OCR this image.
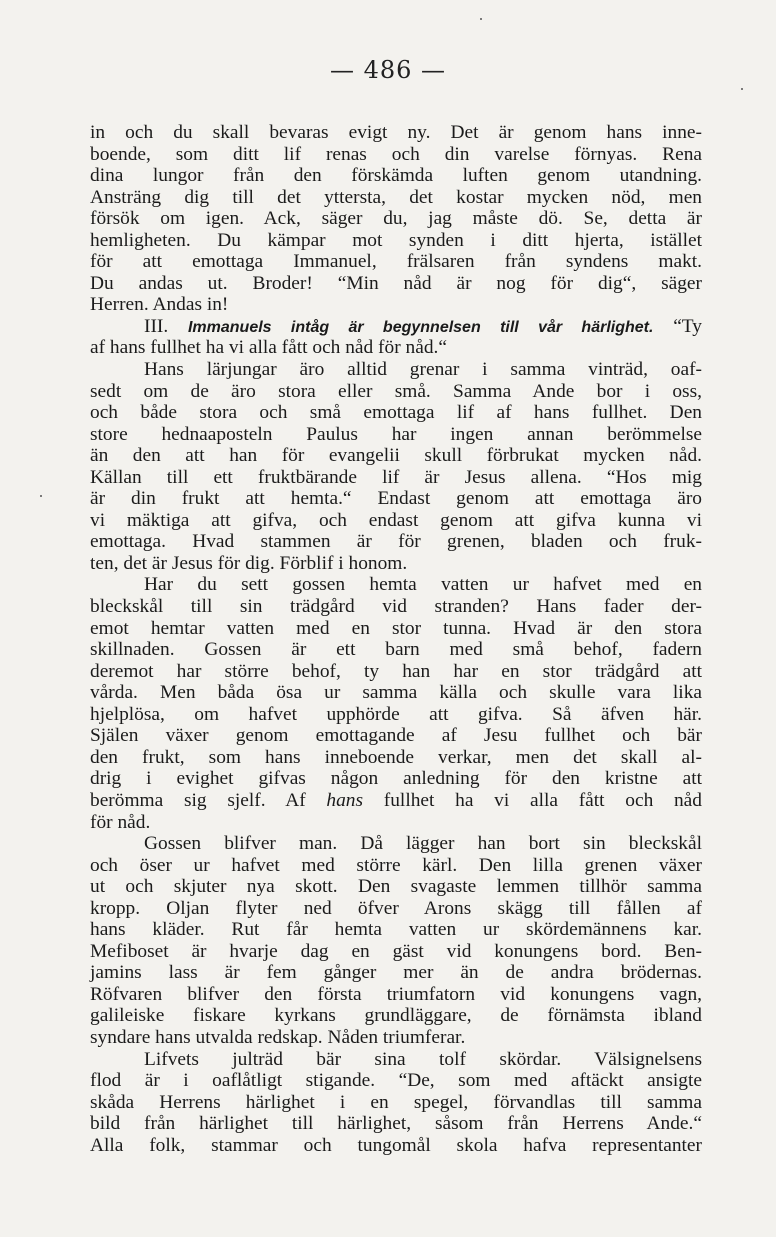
— 486 —
in och du skall bevaras evigt ny. Det är genom hans inne-
boende, som ditt lif renas och din varelse förnyas. Rena
dina lungor från den förskämda luften genom utandning.
Ansträng dig till det yttersta, det kostar mycken nöd, men
försök om igen. Ack, säger du, jag måste dö. Se, detta är
hemligheten. Du kämpar mot synden i ditt hjerta, istället
för att emottaga Immanuel, frälsaren från syndens makt.
Du andas ut. Broder! “Min nåd är nog för dig“, säger
Herren. Andas in!
III. Immanuels intåg är begynnelsen till vår härlighet. “Ty
af hans fullhet ha vi alla fått och nåd för nåd.“
Hans lärjungar äro alltid grenar i samma vinträd, oaf-
sedt om de äro stora eller små. Samma Ande bor i oss,
och både stora och små emottaga lif af hans fullhet. Den
store hednaaposteln Paulus har ingen annan berömmelse
än den att han för evangelii skull förbrukat mycken nåd.
Källan till ett fruktbärande lif är Jesus allena. “Hos mig
är din frukt att hemta.“ Endast genom att emottaga äro
vi mäktiga att gifva, och endast genom att gifva kunna vi
emottaga. Hvad stammen är för grenen, bladen och fruk-
ten, det är Jesus för dig. Förblif i honom.
Har du sett gossen hemta vatten ur hafvet med en
bleckskål till sin trädgård vid stranden? Hans fader der-
emot hemtar vatten med en stor tunna. Hvad är den stora
skillnaden. Gossen är ett barn med små behof, fadern
deremot har större behof, ty han har en stor trädgård att
vårda. Men båda ösa ur samma källa och skulle vara lika
hjelplösa, om hafvet upphörde att gifva. Så äfven här.
Själen växer genom emottagande af Jesu fullhet och bär
den frukt, som hans inneboende verkar, men det skall al-
drig i evighet gifvas någon anledning för den kristne att
berömma sig sjelf. Af hans fullhet ha vi alla fått och nåd
för nåd.
Gossen blifver man. Då lägger han bort sin bleckskål
och öser ur hafvet med större kärl. Den lilla grenen växer
ut och skjuter nya skott. Den svagaste lemmen tillhör samma
kropp. Oljan flyter ned öfver Arons skägg till fållen af
hans kläder. Rut får hemta vatten ur skördemännens kar.
Mefiboset är hvarje dag en gäst vid konungens bord. Ben-
jamins lass är fem gånger mer än de andra brödernas.
Röfvaren blifver den första triumfatorn vid konungens vagn,
galileiske fiskare kyrkans grundläggare, de förnämsta ibland
syndare hans utvalda redskap. Nåden triumferar.
Lifvets julträd bär sina tolf skördar. Välsignelsens
flod är i oaflåtligt stigande. “De, som med aftäckt ansigte
skåda Herrens härlighet i en spegel, förvandlas till samma
bild från härlighet till härlighet, såsom från Herrens Ande.“
Alla folk, stammar och tungomål skola hafva representanter
